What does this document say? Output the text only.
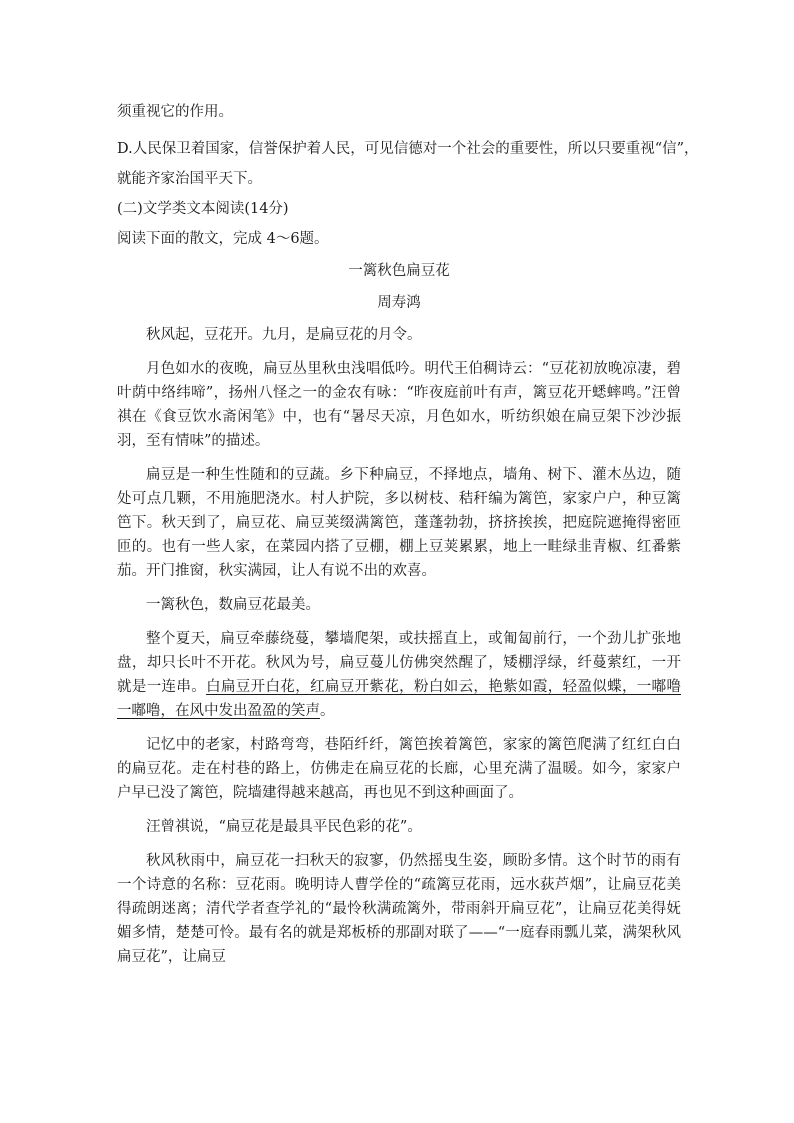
须重视它的作用。

D.人民保卫着国家，信誉保护着人民，可见信德对一个社会的重要性，所以只要重视“信”，

就能齐家治国平天下。

(二)文学类文本阅读(14分)

阅读下面的散文，完成 4～6题。

一篱秋色扁豆花

周寿鸿

秋风起，豆花开。九月，是扁豆花的月令。

月色如水的夜晚，扁豆丛里秋虫浅唱低吟。明代王伯稠诗云：“豆花初放晚凉凄，碧叶荫中络纬啼”，扬州八怪之一的金农有咏：“昨夜庭前叶有声，篱豆花开蟋蟀鸣。”汪曾祺在《食豆饮水斋闲笔》中，也有“暑尽天凉，月色如水，听纺织娘在扁豆架下沙沙振羽，至有情味”的描述。

扁豆是一种生性随和的豆蔬。乡下种扁豆，不择地点，墙角、树下、灌木丛边，随处可点几颗，不用施肥浇水。村人护院，多以树枝、秸秆编为篱笆，家家户户，种豆篱笆下。秋天到了，扁豆花、扁豆荚缀满篱笆，蓬蓬勃勃，挤挤挨挨，把庭院遮掩得密匝匝的。也有一些人家，在菜园内搭了豆棚，棚上豆荚累累，地上一畦绿韭青椒、红番紫茄。开门推窗，秋实满园，让人有说不出的欢喜。

一篱秋色，数扁豆花最美。

整个夏天，扁豆牵藤绕蔓，攀墙爬架，或扶摇直上，或匍匐前行，一个劲儿扩张地盘，却只长叶不开花。秋风为号，扁豆蔓儿仿佛突然醒了，矮棚浮绿，纤蔓萦红，一开就是一连串。白扁豆开白花，红扁豆开紫花，粉白如云，艳紫如霞，轻盈似蝶，一嘟噜一嘟噜，在风中发出盈盈的笑声。

记忆中的老家，村路弯弯，巷陌纤纤，篱笆挨着篱笆，家家的篱笆爬满了红红白白的扁豆花。走在村巷的路上，仿佛走在扁豆花的长廊，心里充满了温暖。如今，家家户户早已没了篱笆，院墙建得越来越高，再也见不到这种画面了。

汪曾祺说，“扁豆花是最具平民色彩的花”。

秋风秋雨中，扁豆花一扫秋天的寂寥，仍然摇曳生姿，顾盼多情。这个时节的雨有一个诗意的名称：豆花雨。晚明诗人曹学佺的“疏篱豆花雨，远水荻芦烟”，让扁豆花美得疏朗迷离；清代学者查学礼的“最怜秋满疏篱外，带雨斜开扁豆花”，让扁豆花美得妩媚多情，楚楚可怜。最有名的就是郑板桥的那副对联了——“一庭春雨瓢儿菜，满架秋风扁豆花”，让扁豆
